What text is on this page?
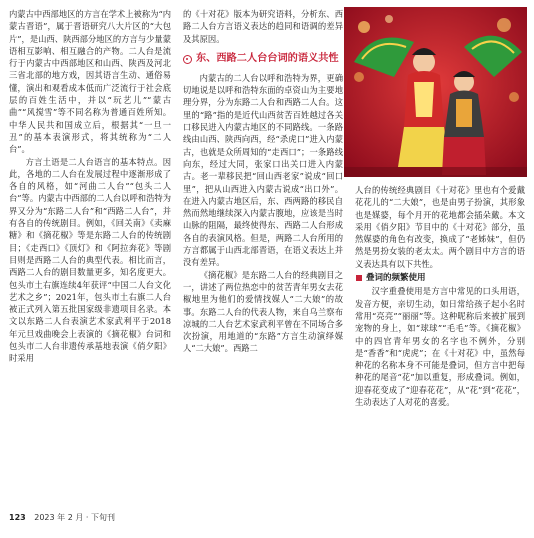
内蒙古中西部地区的方言在学术上被称为“内蒙古晋语”，属于晋语研究八大片区的“大包片”，是山西、陕西部分地区的方言与少量蒙语相互影响、相互融合的产物。二人台是流行于内蒙古中西部地区和山西、陕西及河北三省北部的地方戏，因其语言生动、通俗易懂，演出和观看成本低而广泛流行于社会底层的百姓生活中，并以“玩艺儿”“蒙古曲”“风搅雪”等不同名称为普通百姓所知。中华人民共和国成立后，根据其“一旦一丑”的基本表演形式，将其统称为“二人台”。

方言土语是二人台语言的基本特点。因此，各地的二人台在发展过程中逐渐形成了各自的风格，如“河曲二人台”“包头二人台”等。内蒙古中西部的二人台以呼和浩特为界又分为“东路二人台”和“西路二人台”，并有各自的传统剧目。例如，《回关南》《卖麻糖》和《摘花椒》等是东路二人台的传统剧目；《走西口》《顶灯》和《阿拉奔花》等剧目则是西路二人台的典型代表。相比而言，西路二人台的剧目数量更多，知名度更大。包头市土右旗连续4年获评“中国二人台文化艺术之乡”；2021年，包头市土右旗二人台被正式列入第五批国家级非遗项目名录。本文以东路二人台表演艺术家武利平于2018年元旦戏曲晚会上表演的《摘花椒》台词和包头市二人台非遗传承基地表演《俏夕阳》时采用

的《十对花》版本为研究语料，分析东、西路二人台方言语义表达的趋同和语调的差异及其原因。

东、西路二人台台词的语义共性

内蒙古的二人台以呼和浩特为界，更确切地说是以呼和浩特东面的卓资山为主要地理分界，分为东路二人台和西路二人台。这里的“路”指的是近代山西贫苦百姓越过各关口移民进入内蒙古地区的不同路线。一条路线由山西、陕西向西，经“杀虎口”进入内蒙古，也就是众所周知的“走西口”；一条路线向东，经过大同，张家口出关口进入内蒙古。老一辈移民把“回山西老家”说成“回口里”，把从山西进入内蒙古说成“出口外”。在进入内蒙古地区后，东、西两路的移民自然而然地继续深入内蒙古腹地，应该是当时山脉的阻隔，最终使得东、西路二人台形成各自的表演风格。但是，两路二人台所用的方言都属于山西北部晋语，在语义表达上并没有差异。

《摘花椒》是东路二人台的经典剧目之一，讲述了两位热恋中的贫苦青年男女去花椒地里为他们的爱情找媒人“二大娘”的故事。东路二人台的代表人物，来自乌兰察布凉城的二人台艺术家武利平曾在不同场合多次扮演，用地道的“东路”方言生动演绎媒人“二大娘”。西路二

人台的传统经典剧目《十对花》里也有个爱戴花花儿的“二大娘”，也是由男子扮演，其形象也是媒婆，每个月开的花地都会插朵戴。本文采用《俏夕阳》节目中的《十对花》部分，虽然媒婆的角色有改变，换成了“老姊妹”，但仍然是男扮女装的老太太。两个剧目中方言的语义表达具有以下共性。

叠词的频繁使用

汉字重叠使用是方言中常见的口头用语，发音方便，亲切生动，如日常给孩子起小名时常用“亮亮”“丽丽”等。这种昵称后来被扩展到宠物的身上，如“球球”“毛毛”等。《摘花椒》中的四官青年男女的名字也不例外，分别是“香香”和“虎虎”；在《十对花》中，虽然每种花的名称本身不可能是叠词，但方言中把每种花的尾音“花”加以重复，形成叠词。例如，迎春花变成了“迎春花花”，从“花”到“花花”，生动表达了人对花的喜爱。

123 2023 年 2 月 · 下旬刊
